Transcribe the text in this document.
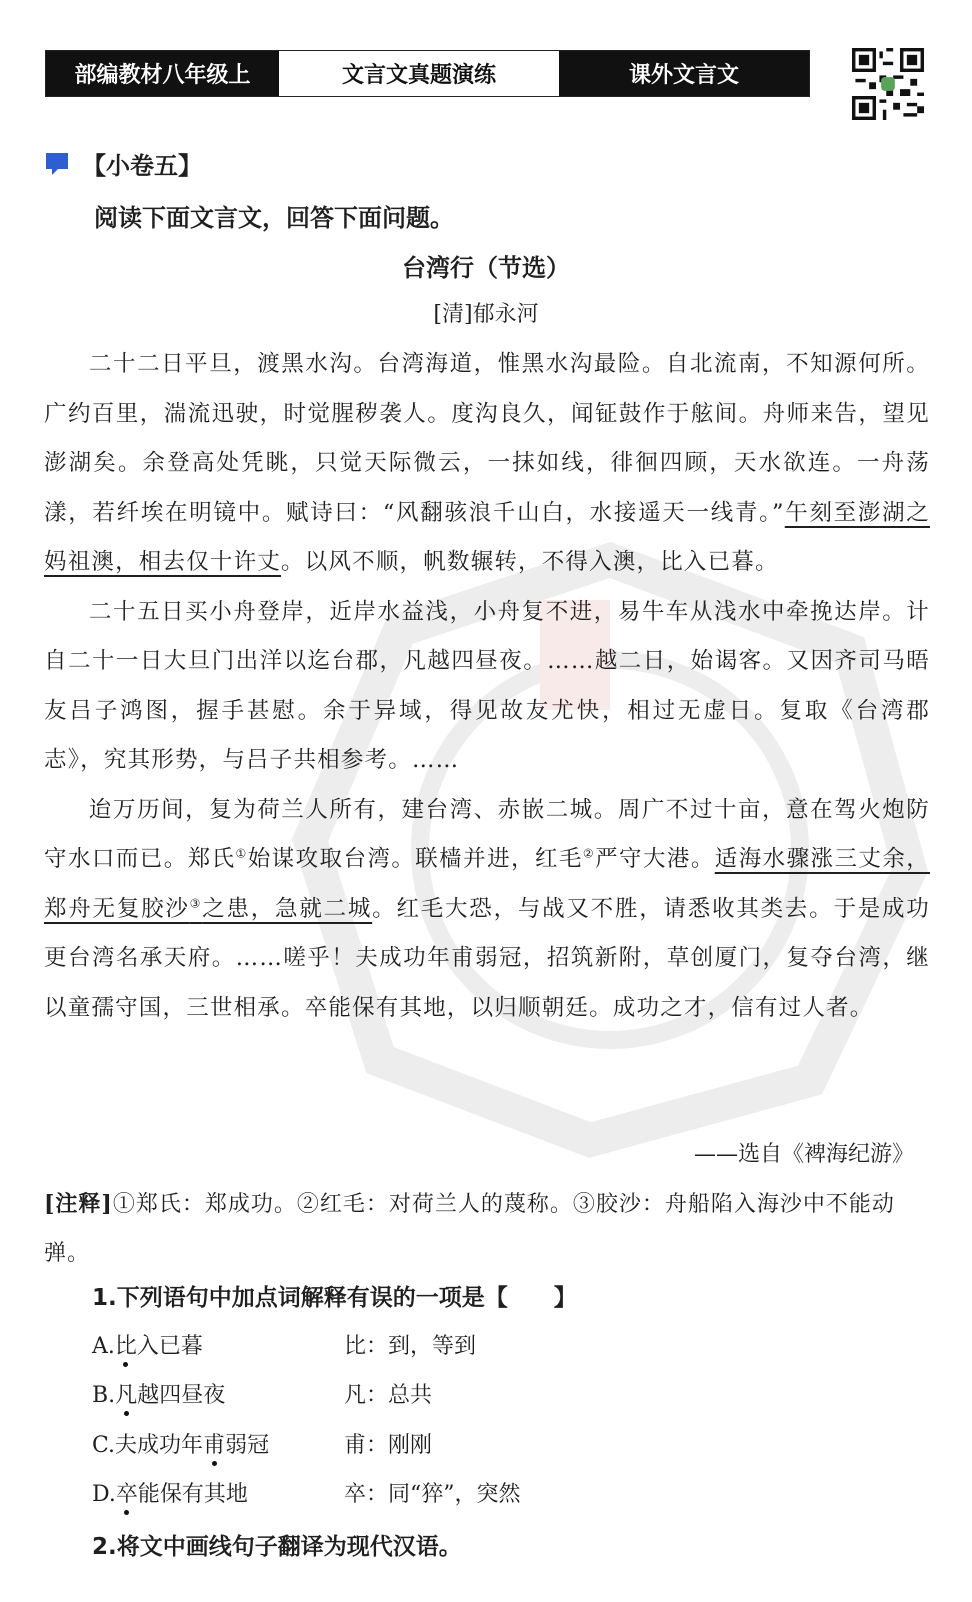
部编教材八年级上	文言文真题演练	课外文言文
【小卷五】
阅读下面文言文，回答下面问题。
台湾行（节选）
[清]郁永河

二十二日平旦，渡黑水沟。台湾海道，惟黑水沟最险。自北流南，不知源何所。广约百里，湍流迅驶，时觉腥秽袭人。度沟良久，闻钲鼓作于舷间。舟师来告，望见澎湖矣。余登高处凭眺，只觉天际微云，一抹如线，徘徊四顾，天水欲连。一舟荡漾，若纤埃在明镜中。赋诗曰：“风翻骇浪千山白，水接遥天一线青。”午刻至澎湖之妈祖澳，相去仅十许丈。以风不顺，帆数辗转，不得入澳，比入已暮。

二十五日买小舟登岸，近岸水益浅，小舟复不进，易牛车从浅水中牵挽达岸。计自二十一日大旦门出洋以迄台郡，凡越四昼夜。……越二日，始谒客。又因齐司马晤友吕子鸿图，握手甚慰。余于异域，得见故友尤快，相过无虚日。复取《台湾郡志》，究其形势，与吕子共相参考。……

迨万历间，复为荷兰人所有，建台湾、赤嵌二城。周广不过十亩，意在驾火炮防守水口而已。郑氏①始谋攻取台湾。联樯并进，红毛②严守大港。适海水骤涨三丈余，郑舟无复胶沙③之患，急就二城。红毛大恐，与战又不胜，请悉收其类去。于是成功更台湾名承天府。……嗟乎！夫成功年甫弱冠，招筑新附，草创厦门，复夺台湾，继以童孺守国，三世相承。卒能保有其地，以归顺朝廷。成功之才，信有过人者。

——选自《裨海纪游》
[注释]①郑氏：郑成功。②红毛：对荷兰人的蔑称。③胶沙：舟船陷入海沙中不能动弹。
1.下列语句中加点词解释有误的一项是【　　】
A.比入已暮	比：到，等到
B.凡越四昼夜	凡：总共
C.夫成功年甫弱冠	甫：刚刚
D.卒能保有其地	卒：同“猝”，突然
2.将文中画线句子翻译为现代汉语。
